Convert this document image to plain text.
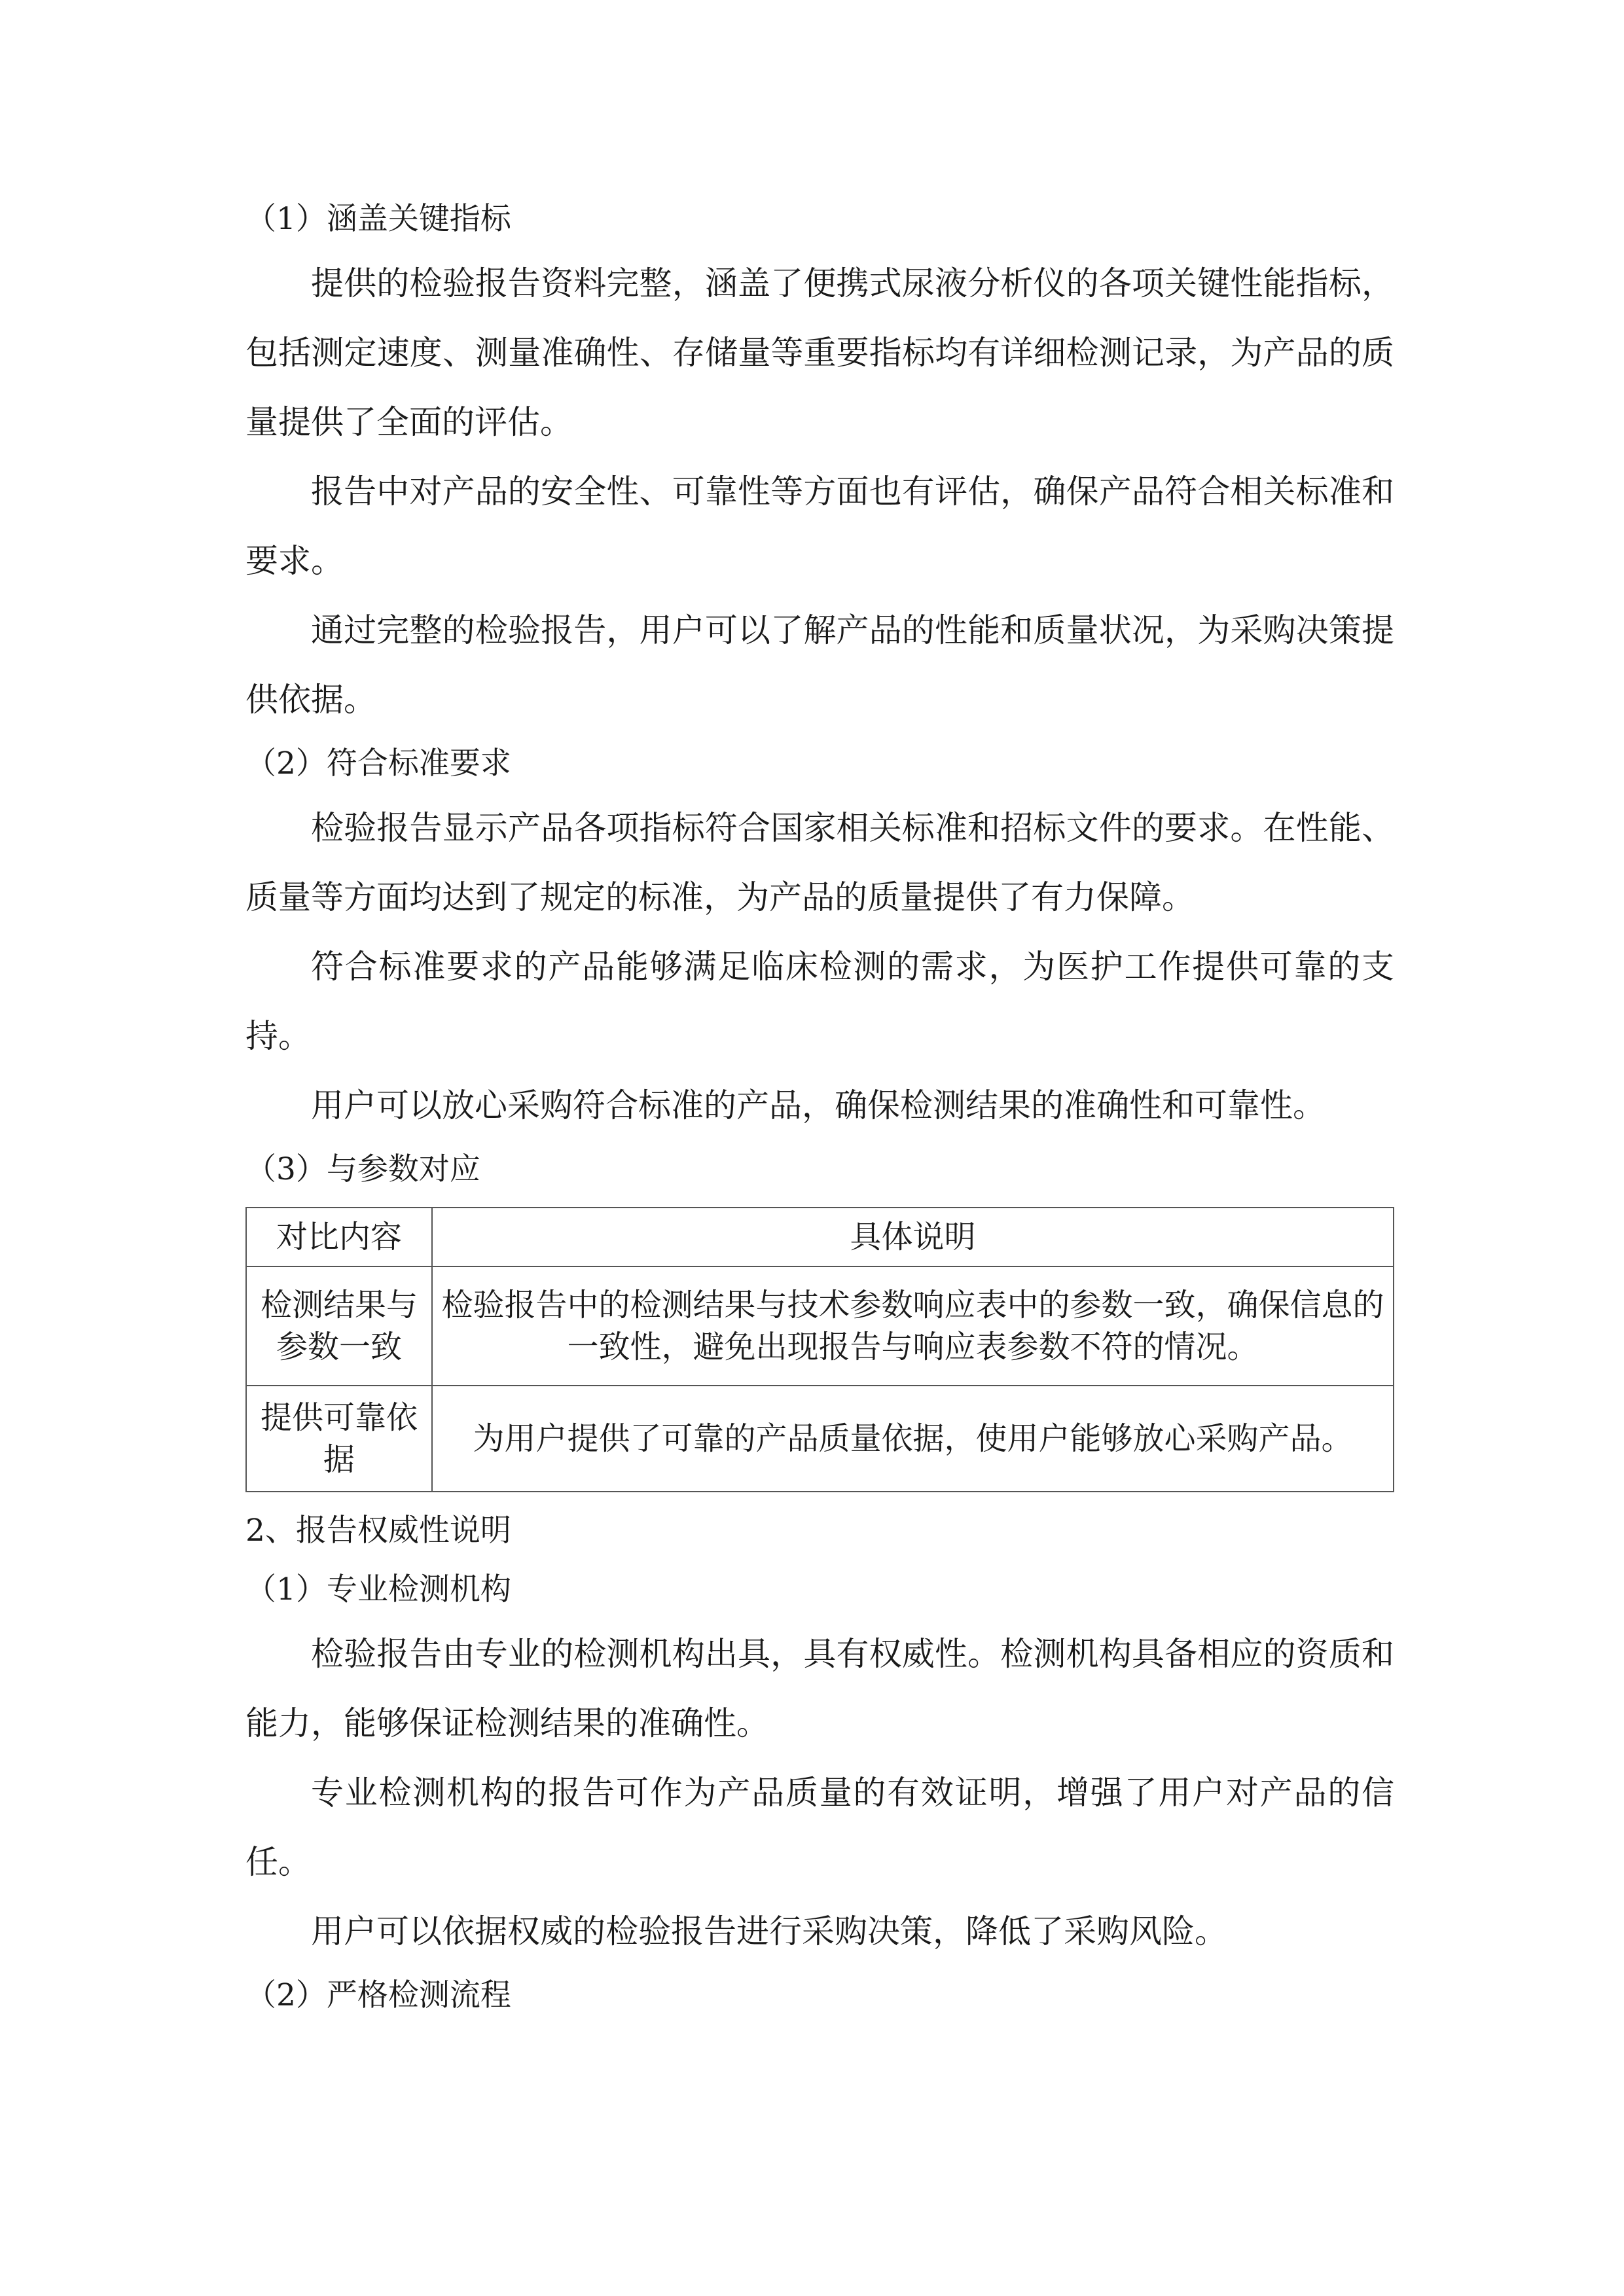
（1）涵盖关键指标

提供的检验报告资料完整，涵盖了便携式尿液分析仪的各项关键性能指标，包括测定速度、测量准确性、存储量等重要指标均有详细检测记录，为产品的质量提供了全面的评估。

报告中对产品的安全性、可靠性等方面也有评估，确保产品符合相关标准和要求。

通过完整的检验报告，用户可以了解产品的性能和质量状况，为采购决策提供依据。

（2）符合标准要求

检验报告显示产品各项指标符合国家相关标准和招标文件的要求。在性能、质量等方面均达到了规定的标准，为产品的质量提供了有力保障。

符合标准要求的产品能够满足临床检测的需求，为医护工作提供可靠的支持。

用户可以放心采购符合标准的产品，确保检测结果的准确性和可靠性。

（3）与参数对应

对比内容	具体说明
检测结果与参数一致	检验报告中的检测结果与技术参数响应表中的参数一致，确保信息的一致性，避免出现报告与响应表参数不符的情况。
提供可靠依据	为用户提供了可靠的产品质量依据，使用户能够放心采购产品。

2、报告权威性说明

（1）专业检测机构

检验报告由专业的检测机构出具，具有权威性。检测机构具备相应的资质和能力，能够保证检测结果的准确性。

专业检测机构的报告可作为产品质量的有效证明，增强了用户对产品的信任。

用户可以依据权威的检验报告进行采购决策，降低了采购风险。

（2）严格检测流程
